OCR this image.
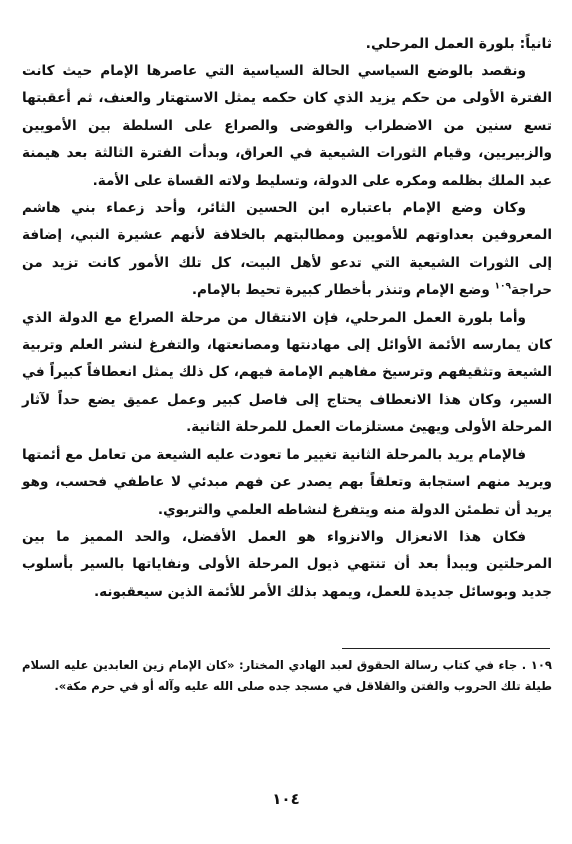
ثانياً: بلورة العمل المرحلي.

ونقصد بالوضع السياسي الحالة السياسية التي عاصرها الإمام حيث كانت الفترة الأولى من حكم يزيد الذي كان حكمه يمثل الاستهتار والعنف، ثم أعقبتها تسع سنين من الاضطراب والفوضى والصراع على السلطة بين الأمويين والزبيريين، وقيام الثورات الشيعية في العراق، وبدأت الفترة الثالثة بعد هيمنة عبد الملك بظلمه ومكره على الدولة، وتسليط ولاته القساة على الأمة.

وكان وضع الإمام باعتباره ابن الحسين الثائر، وأحد زعماء بني هاشم المعروفين بعداوتهم للأمويين ومطالبتهم بالخلافة لأنهم عشيرة النبي، إضافة إلى الثورات الشيعية التي تدعو لأهل البيت، كل تلك الأمور كانت تزيد من حراجة$^{١٠٩}$ وضع الإمام وتنذر بأخطار كبيرة تحيط بالإمام.

وأما بلورة العمل المرحلي، فإن الانتقال من مرحلة الصراع مع الدولة الذي كان يمارسه الأئمة الأوائل إلى مهادنتها ومصانعتها، والتفرغ لنشر العلم وتربية الشيعة وتثقيفهم وترسيخ مفاهيم الإمامة فيهم، كل ذلك يمثل انعطافاً كبيراً في السير، وكان هذا الانعطاف يحتاج إلى فاصل كبير وعمل عميق يضع حداً لآثار المرحلة الأولى ويهيئ مستلزمات العمل للمرحلة الثانية.

فالإمام يريد بالمرحلة الثانية تغيير ما تعودت عليه الشيعة من تعامل مع أئمتها ويريد منهم استجابة وتعلقاً بهم يصدر عن فهم مبدئي لا عاطفي فحسب، وهو يريد أن تطمئن الدولة منه ويتفرغ لنشاطه العلمي والتربوي.

فكان هذا الانعزال والانزواء هو العمل الأفضل، والحد المميز ما بين المرحلتين ويبدأ بعد أن تنتهي ذيول المرحلة الأولى ونفاياتها بالسير بأسلوب جديد وبوسائل جديدة للعمل، ويمهد بذلك الأمر للأئمة الذين سيعقبونه.

١٠٩ . جاء في كتاب رسالة الحقوق لعبد الهادي المختار: «كان الإمام زين العابدين عليه السلام طيلة تلك الحروب والفتن والقلاقل في مسجد جده صلى الله عليه وآله أو في حرم مكة».
١٠٤
